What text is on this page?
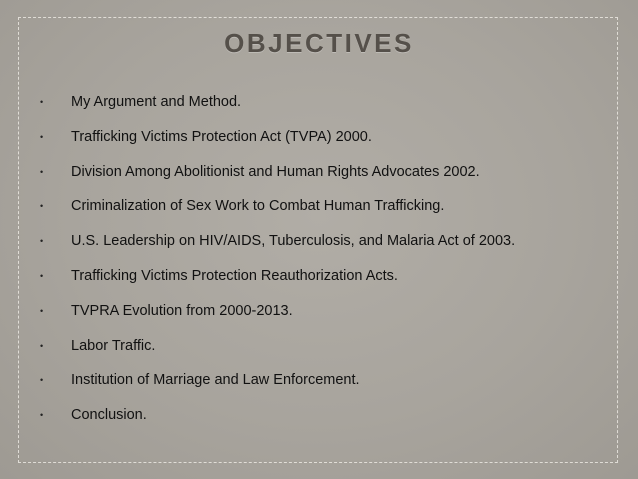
OBJECTIVES
• My Argument and Method.
• Trafficking Victims Protection Act (TVPA) 2000.
• Division Among Abolitionist and Human Rights Advocates 2002.
• Criminalization of Sex Work to Combat Human Trafficking.
• U.S. Leadership on HIV/AIDS, Tuberculosis, and Malaria Act of 2003.
• Trafficking Victims Protection Reauthorization Acts.
• TVPRA Evolution from 2000-2013.
• Labor Traffic.
• Institution of Marriage and Law Enforcement.
• Conclusion.
